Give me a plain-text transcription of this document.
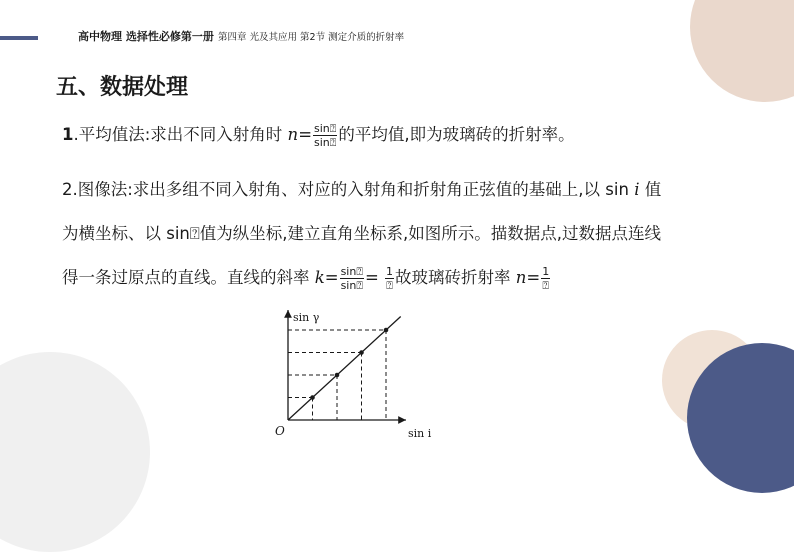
高中物理 选择性必修第一册 第四章 光及其应用 第2节 测定介质的折射率
五、数据处理
1.平均值法:求出不同入射角时 $n= \frac{\sin⍰}{\sin⍰}$ 的平均值,即为玻璃砖的折射率。
2.图像法:求出多组不同入射角、对应的入射角和折射角正弦值的基础上,以 sin i 值
为横坐标、以 sin⍰值为纵坐标,建立直角坐标系,如图所示。描数据点,过数据点连线
得一条过原点的直线。直线的斜率 $k= \frac{\sin⍰}{\sin⍰} = \frac{1}{⍰}$ 故玻璃砖折射率 $n= \frac{1}{⍰}$
sin γ
sin i
O
